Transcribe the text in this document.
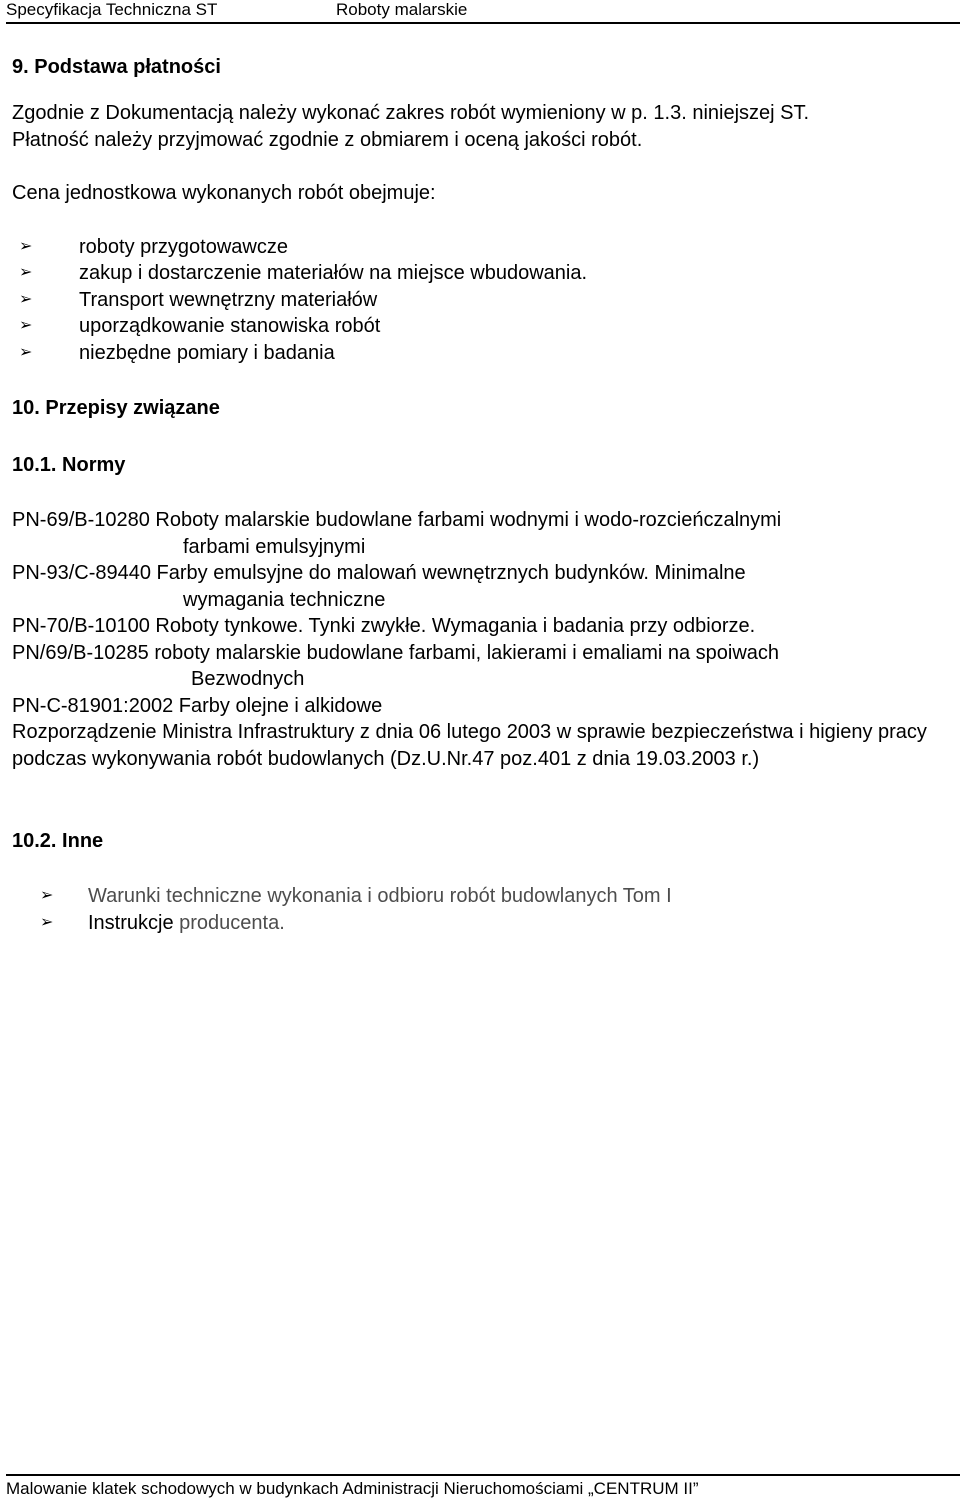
Specyfikacja Techniczna ST	Roboty malarskie
9. Podstawa płatności

Zgodnie z Dokumentacją należy wykonać zakres robót wymieniony w p. 1.3. niniejszej ST.

Płatność należy przyjmować zgodnie z obmiarem i oceną jakości robót.

Cena jednostkowa wykonanych robót obejmuje:

➢ roboty przygotowawcze
➢ zakup i dostarczenie materiałów na miejsce wbudowania.
➢ Transport wewnętrzny materiałów
➢ uporządkowanie stanowiska robót
➢ niezbędne pomiary i badania
10. Przepisy związane
10.1. Normy

PN-69/B-10280 Roboty malarskie budowlane farbami wodnymi i wodo-rozcieńczalnymi
farbami emulsyjnymi

PN-93/C-89440 Farby emulsyjne do malowań wewnętrznych budynków. Minimalne
wymagania techniczne

PN-70/B-10100 Roboty tynkowe. Tynki zwykłe. Wymagania i badania przy odbiorze.

PN/69/B-10285 roboty malarskie budowlane farbami, lakierami i emaliami na spoiwach
Bezwodnych

PN-C-81901:2002 Farby olejne i alkidowe

Rozporządzenie Ministra Infrastruktury z dnia 06 lutego 2003 w sprawie bezpieczeństwa i higieny pracy podczas wykonywania robót budowlanych (Dz.U.Nr.47 poz.401 z dnia 19.03.2003 r.)

10.2. Inne
➢ Warunki techniczne wykonania i odbioru robót budowlanych Tom I
➢ Instrukcje producenta.
Malowanie klatek schodowych w budynkach Administracji Nieruchomościami „CENTRUM II”
